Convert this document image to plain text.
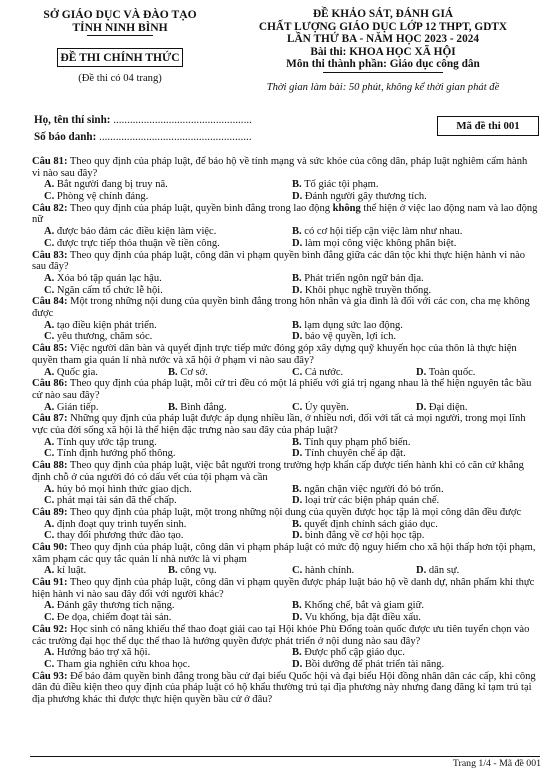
SỞ GIÁO DỤC VÀ ĐÀO TẠO
TỈNH NINH BÌNH
ĐỀ THI CHÍNH THỨC
(Đề thi có 04 trang)
ĐỀ KHẢO SÁT, ĐÁNH GIÁ
CHẤT LƯỢNG GIÁO DỤC LỚP 12 THPT, GDTX
LẦN THỨ BA - NĂM HỌC 2023 - 2024
Bài thi: KHOA HỌC XÃ HỘI
Môn thi thành phần: Giáo dục công dân
Thời gian làm bài: 50 phút, không kể thời gian phát đề
Họ, tên thí sinh: ..................................................
Số báo danh: .......................................................
Mã đề thi 001
Câu 81: Theo quy định của pháp luật, để bảo hộ về tính mạng và sức khỏe của công dân, pháp luật nghiêm cấm hành vi nào sau đây?
A. Bắt người đang bị truy nã.	B. Tố giác tội phạm.
C. Phòng vệ chính đáng.	D. Đánh người gây thương tích.
Câu 82: Theo quy định của pháp luật, quyền bình đẳng trong lao động không thể hiện ở việc lao động nam và lao động nữ
A. được bảo đảm các điều kiện làm việc.	B. có cơ hội tiếp cận việc làm như nhau.
C. được trực tiếp thỏa thuận về tiền công.	D. làm mọi công việc không phân biệt.
Câu 83: Theo quy định của pháp luật, công dân vi phạm quyền bình đẳng giữa các dân tộc khi thực hiện hành vi nào sau đây?
A. Xóa bỏ tập quán lạc hậu.	B. Phát triển ngôn ngữ bản địa.
C. Ngăn cấm tổ chức lễ hội.	D. Khôi phục nghề truyền thống.
Câu 84: Một trong những nội dung của quyền bình đẳng trong hôn nhân và gia đình là đối với các con, cha mẹ không được
A. tạo điều kiện phát triển.	B. lạm dụng sức lao động.
C. yêu thương, chăm sóc.	D. bảo vệ quyền, lợi ích.
Câu 85: Việc người dân bàn và quyết định trực tiếp mức đóng góp xây dựng quỹ khuyến học của thôn là thực hiện quyền tham gia quản lí nhà nước và xã hội ở phạm vi nào sau đây?
A. Quốc gia.	B. Cơ sở.	C. Cả nước.	D. Toàn quốc.
Câu 86: Theo quy định của pháp luật, mỗi cử tri đều có một lá phiếu với giá trị ngang nhau là thể hiện nguyên tắc bầu cử nào sau đây?
A. Gián tiếp.	B. Bình đẳng.	C. Ủy quyền.	D. Đại diện.
Câu 87: Những quy định của pháp luật được áp dụng nhiều lần, ở nhiều nơi, đối với tất cả mọi người, trong mọi lĩnh vực của đời sống xã hội là thể hiện đặc trưng nào sau đây của pháp luật?
A. Tính quy ước tập trung.	B. Tính quy phạm phổ biến.
C. Tính định hướng phổ thông.	D. Tính chuyên chế áp đặt.
Câu 88: Theo quy định của pháp luật, việc bắt người trong trường hợp khẩn cấp được tiến hành khi có căn cứ khẳng định chỗ ở của người đó có dấu vết của tội phạm và cần
A. hủy bỏ mọi hình thức giao dịch.	B. ngăn chặn việc người đó bỏ trốn.
C. phát mại tài sản đã thế chấp.	D. loại trừ các biện pháp quản chế.
Câu 89: Theo quy định của pháp luật, một trong những nội dung của quyền được học tập là mọi công dân đều được
A. định đoạt quy trình tuyển sinh.	B. quyết định chính sách giáo dục.
C. thay đổi phương thức đào tạo.	D. bình đẳng về cơ hội học tập.
Câu 90: Theo quy định của pháp luật, công dân vi phạm pháp luật có mức độ nguy hiểm cho xã hội thấp hơn tội phạm, xâm phạm các quy tắc quản lí nhà nước là vi phạm
A. kỉ luật.	B. công vụ.	C. hành chính.	D. dân sự.
Câu 91: Theo quy định của pháp luật, công dân vi phạm quyền được pháp luật bảo hộ về danh dự, nhân phẩm khi thực hiện hành vi nào sau đây đối với người khác?
A. Đánh gây thương tích nặng.	B. Khống chế, bắt và giam giữ.
C. Đe dọa, chiếm đoạt tài sản.	D. Vu khống, bịa đặt điều xấu.
Câu 92: Học sinh có năng khiếu thể thao đoạt giải cao tại Hội khỏe Phù Đổng toàn quốc được ưu tiên tuyển chọn vào các trường đại học thể dục thể thao là hưởng quyền được phát triển ở nội dung nào sau đây?
A. Hướng bảo trợ xã hội.	B. Được phổ cập giáo dục.
C. Tham gia nghiên cứu khoa học.	D. Bồi dưỡng để phát triển tài năng.
Câu 93: Để bảo đảm quyền bình đẳng trong bầu cử đại biểu Quốc hội và đại biểu Hội đồng nhân dân các cấp, khi công dân đủ điều kiện theo quy định của pháp luật có hộ khẩu thường trú tại địa phương này nhưng đang đăng kí tạm trú tại địa phương khác thì được thực hiện quyền bầu cử ở đâu?
Trang 1/4 - Mã đề 001
